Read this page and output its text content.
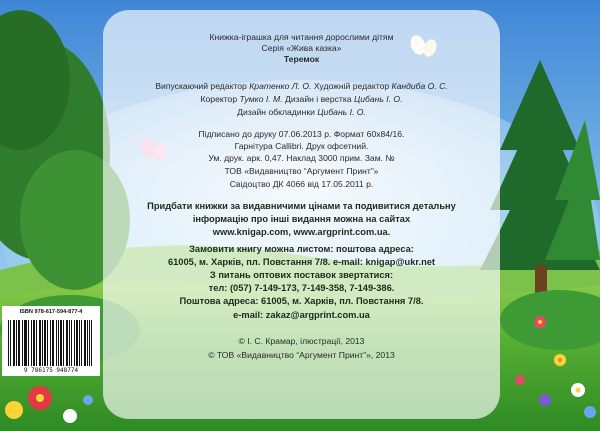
Книжка-іграшка для читання дорослими дітям
Серія «Жива казка»
Теремок
Випускаючий редактор Кратенко Л. О. Художній редактор Кандиба О. С.
Коректор Тумко І. М. Дизайн і верстка Цибань І. О.
Дизайн обкладинки Цибань І. О.
Підписано до друку 07.06.2013 р. Формат 60х84/16.
Гарнітура Callibri. Друк офсетний.
Ум. друк. арк. 0,47. Наклад 3000 прим. Зам. №
ТОВ «Видавництво “Аргумент Принт”»
Свідоцтво ДК 4066 від 17.05.2011 р.
Придбати книжки за видавничими цінами та подивитися детальну
інформацію про інші видання можна на сайтах
www.knigap.com, www.argprint.com.ua.
Замовити книгу можна листом: поштова адреса:
61005, м. Харків, пл. Повстання 7/8. e-mail: knigap@ukr.net
З питань оптових поставок звертатися:
тел: (057) 7-149-173, 7-149-358, 7-149-386.
Поштова адреса: 61005, м. Харків, пл. Повстання 7/8.
e-mail: zakaz@argprint.com.ua
© І. С. Крамар, ілюстрації, 2013
© ТОВ «Видавництво “Аргумент Принт”», 2013
ISBN 978-617-594-877-4
9 786175 948774
